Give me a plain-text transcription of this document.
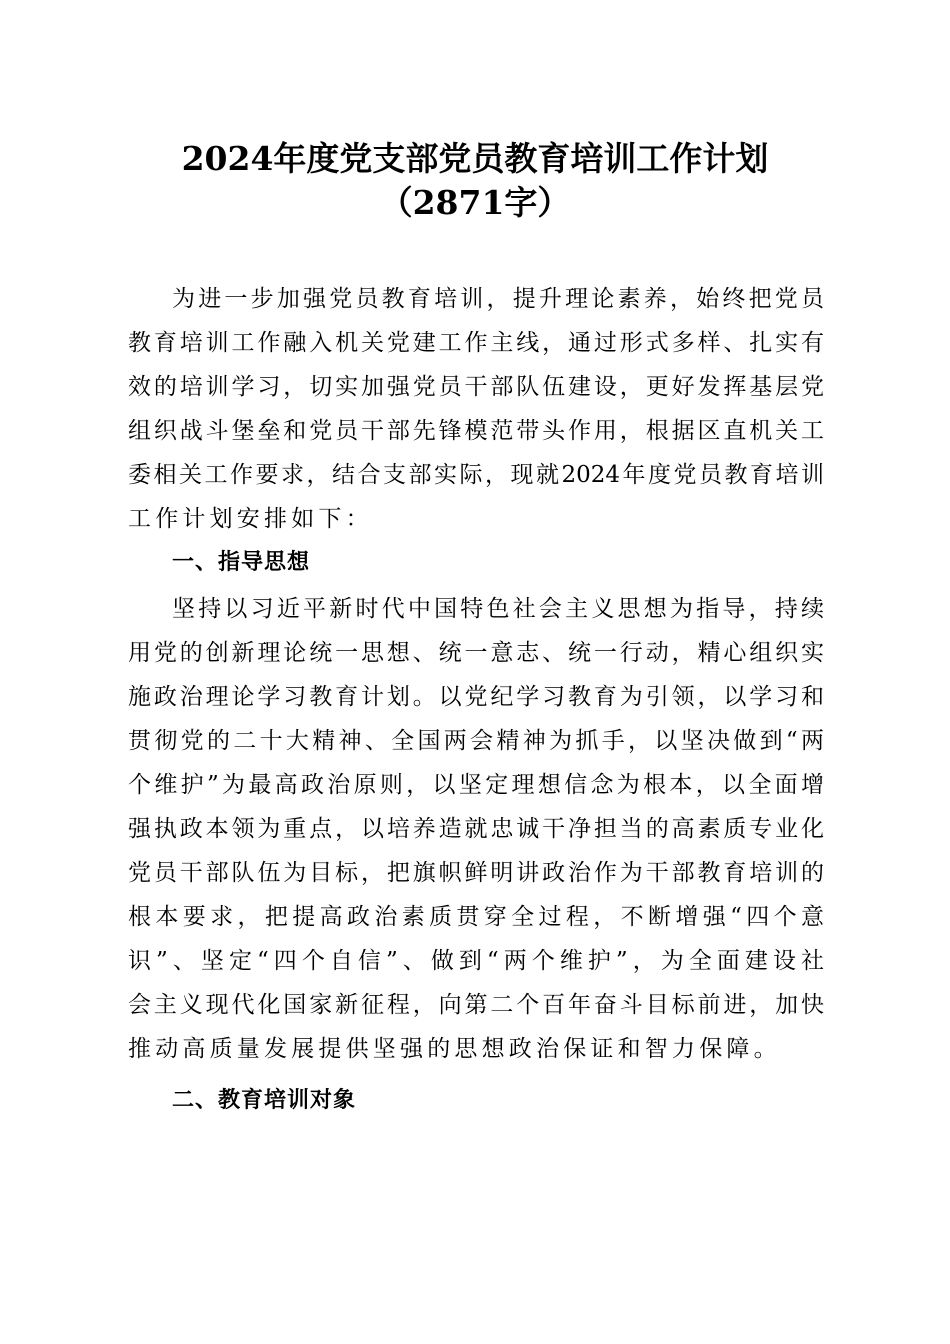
2024年度党支部党员教育培训工作计划
（2871字）
为进一步加强党员教育培训，提升理论素养，始终把党员
教育培训工作融入机关党建工作主线，通过形式多样、扎实有
效的培训学习，切实加强党员干部队伍建设，更好发挥基层党
组织战斗堡垒和党员干部先锋模范带头作用，根据区直机关工
委相关工作要求，结合支部实际，现就2024年度党员教育培训
工作计划安排如下：
一、指导思想
坚持以习近平新时代中国特色社会主义思想为指导，持续
用党的创新理论统一思想、统一意志、统一行动，精心组织实
施政治理论学习教育计划。以党纪学习教育为引领，以学习和
贯彻党的二十大精神、全国两会精神为抓手，以坚决做到“两
个维护”为最高政治原则，以坚定理想信念为根本，以全面增
强执政本领为重点，以培养造就忠诚干净担当的高素质专业化
党员干部队伍为目标，把旗帜鲜明讲政治作为干部教育培训的
根本要求，把提高政治素质贯穿全过程，不断增强“四个意
识”、坚定“四个自信”、做到“两个维护”，为全面建设社
会主义现代化国家新征程，向第二个百年奋斗目标前进，加快
推动高质量发展提供坚强的思想政治保证和智力保障。
二、教育培训对象
